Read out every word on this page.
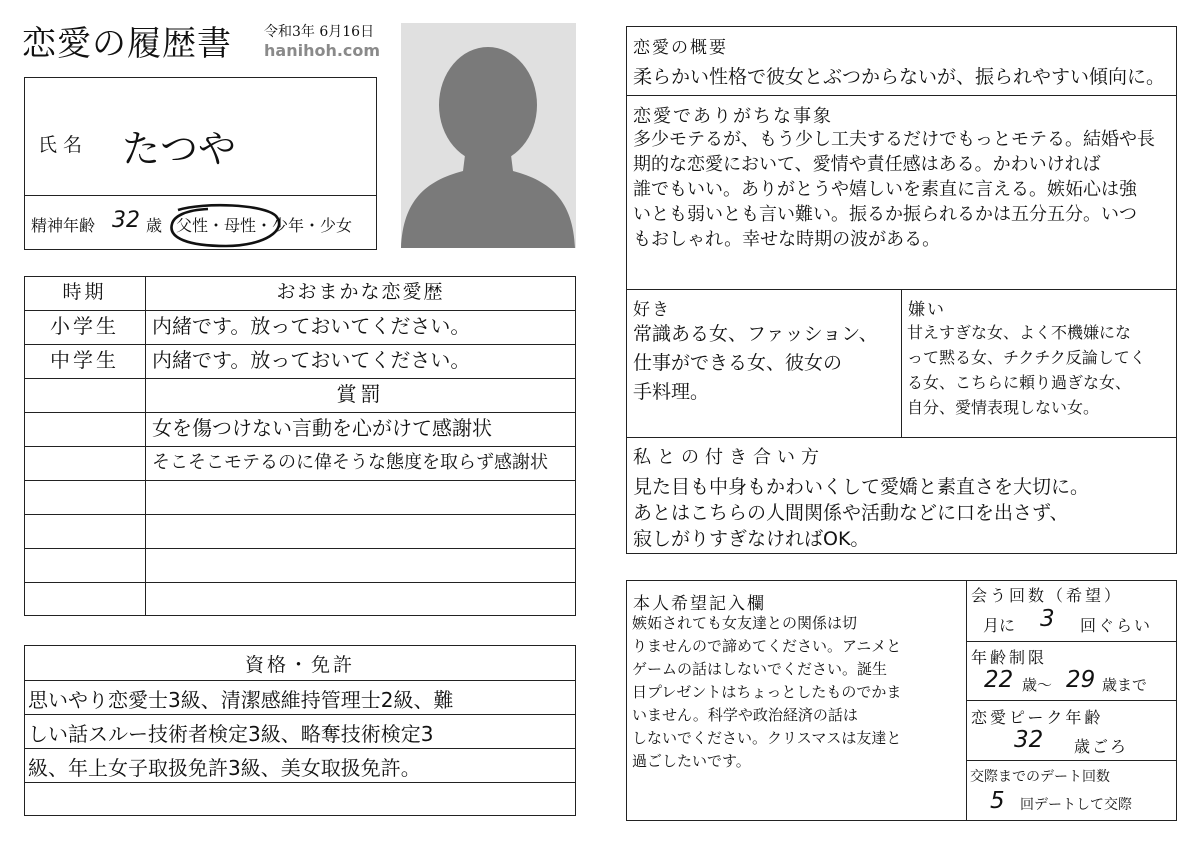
恋愛の履歴書 令和3年 6月16日
hanihoh.com
氏名 たつや
精神年齢 32 歳 父性・母性・少年・少女
時期	おおまかな恋愛歴
小学生	内緒です。放っておいてください。
中学生	内緒です。放っておいてください。
賞罰
女を傷つけない言動を心がけて感謝状
そこそこモテるのに偉そうな態度を取らず感謝状
資格・免許
思いやり恋愛士3級、清潔感維持管理士2級、難
しい話スルー技術者検定3級、略奪技術検定3
級、年上女子取扱免許3級、美女取扱免許。
恋愛の概要
柔らかい性格で彼女とぶつからないが、振られやすい傾向に。
恋愛でありがちな事象
多少モテるが、もう少し工夫するだけでもっとモテる。結婚や長
期的な恋愛において、愛情や責任感はある。かわいければ
誰でもいい。ありがとうや嬉しいを素直に言える。嫉妬心は強
いとも弱いとも言い難い。振るか振られるかは五分五分。いつ
もおしゃれ。幸せな時期の波がある。
好き
常識ある女、ファッション、
仕事ができる女、彼女の
手料理。
嫌い
甘えすぎな女、よく不機嫌にな
って黙る女、チクチク反論してく
る女、こちらに頼り過ぎな女、
自分、愛情表現しない女。
私との付き合い方
見た目も中身もかわいくして愛嬌と素直さを大切に。
あとはこちらの人間関係や活動などに口を出さず、
寂しがりすぎなければOK。
本人希望記入欄
嫉妬されても女友達との関係は切
りませんので諦めてください。アニメと
ゲームの話はしないでください。誕生
日プレゼントはちょっとしたものでかま
いません。科学や政治経済の話は
しないでください。クリスマスは友達と
過ごしたいです。
会う回数（希望）
月に 3 回ぐらい
年齢制限
22 歳～ 29 歳まで
恋愛ピーク年齢
32 歳ごろ
交際までのデート回数
5 回デートして交際
